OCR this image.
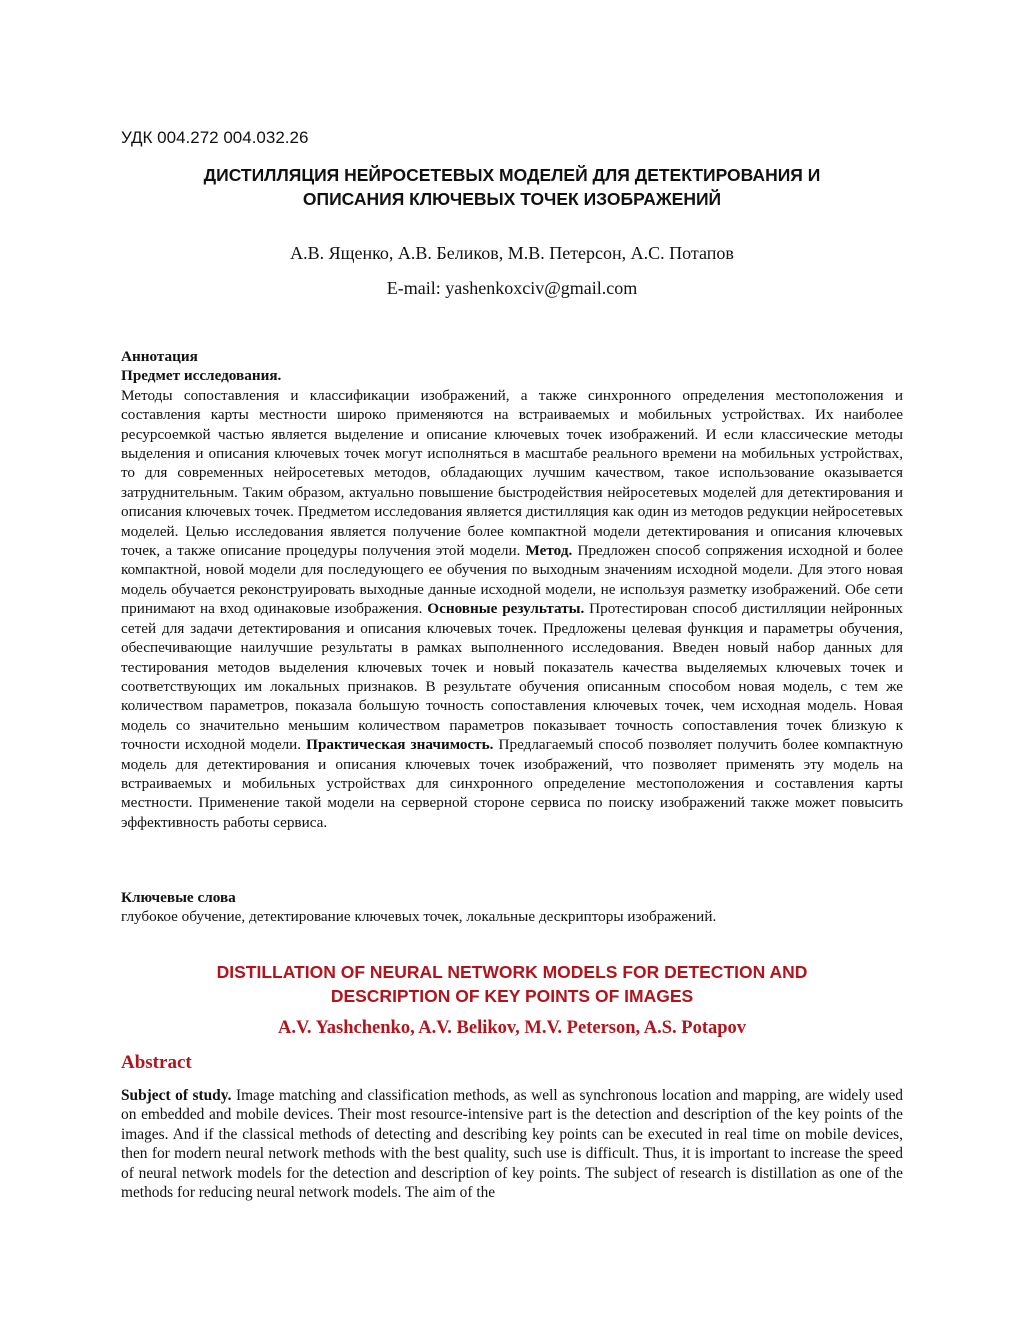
УДК 004.272 004.032.26
ДИСТИЛЛЯЦИЯ НЕЙРОСЕТЕВЫХ МОДЕЛЕЙ ДЛЯ ДЕТЕКТИРОВАНИЯ И
ОПИСАНИЯ КЛЮЧЕВЫХ ТОЧЕК ИЗОБРАЖЕНИЙ
А.В. Ященко, А.В. Беликов, М.В. Петерсон, А.С. Потапов
E-mail: yashenkoxciv@gmail.com
Аннотация
Предмет исследования.

Методы сопоставления и классификации изображений, а также синхронного определения местоположения и составления карты местности широко применяются на встраиваемых и мобильных устройствах. Их наиболее ресурсоемкой частью является выделение и описание ключевых точек изображений. И если классические методы выделения и описания ключевых точек могут исполняться в масштабе реального времени на мобильных устройствах, то для современных нейросетевых методов, обладающих лучшим качеством, такое использование оказывается затруднительным. Таким образом, актуально повышение быстродействия нейросетевых моделей для детектирования и описания ключевых точек. Предметом исследования является дистилляция как один из методов редукции нейросетевых моделей. Целью исследования является получение более компактной модели детектирования и описания ключевых точек, а также описание процедуры получения этой модели. Метод. Предложен способ сопряжения исходной и более компактной, новой модели для последующего ее обучения по выходным значениям исходной модели. Для этого новая модель обучается реконструировать выходные данные исходной модели, не используя разметку изображений. Обе сети принимают на вход одинаковые изображения. Основные результаты. Протестирован способ дистилляции нейронных сетей для задачи детектирования и описания ключевых точек. Предложены целевая функция и параметры обучения, обеспечивающие наилучшие результаты в рамках выполненного исследования. Введен новый набор данных для тестирования методов выделения ключевых точек и новый показатель качества выделяемых ключевых точек и соответствующих им локальных признаков. В результате обучения описанным способом новая модель, с тем же количеством параметров, показала большую точность сопоставления ключевых точек, чем исходная модель. Новая модель со значительно меньшим количеством параметров показывает точность сопоставления точек близкую к точности исходной модели. Практическая значимость. Предлагаемый способ позволяет получить более компактную модель для детектирования и описания ключевых точек изображений, что позволяет применять эту модель на встраиваемых и мобильных устройствах для синхронного определение местоположения и составления карты местности. Применение такой модели на серверной стороне сервиса по поиску изображений также может повысить эффективность работы сервиса.

Ключевые слова
глубокое обучение, детектирование ключевых точек, локальные дескрипторы изображений.
DISTILLATION OF NEURAL NETWORK MODELS FOR DETECTION AND
DESCRIPTION OF KEY POINTS OF IMAGES
A.V. Yashchenko, A.V. Belikov, M.V. Peterson, A.S. Potapov
Abstract
Subject of study. Image matching and classification methods, as well as synchronous location and mapping, are widely used on embedded and mobile devices. Their most resource-intensive part is the detection and description of the key points of the images. And if the classical methods of detecting and describing key points can be executed in real time on mobile devices, then for modern neural network methods with the best quality, such use is difficult. Thus, it is important to increase the speed of neural network models for the detection and description of key points. The subject of research is distillation as one of the methods for reducing neural network models. The aim of the
